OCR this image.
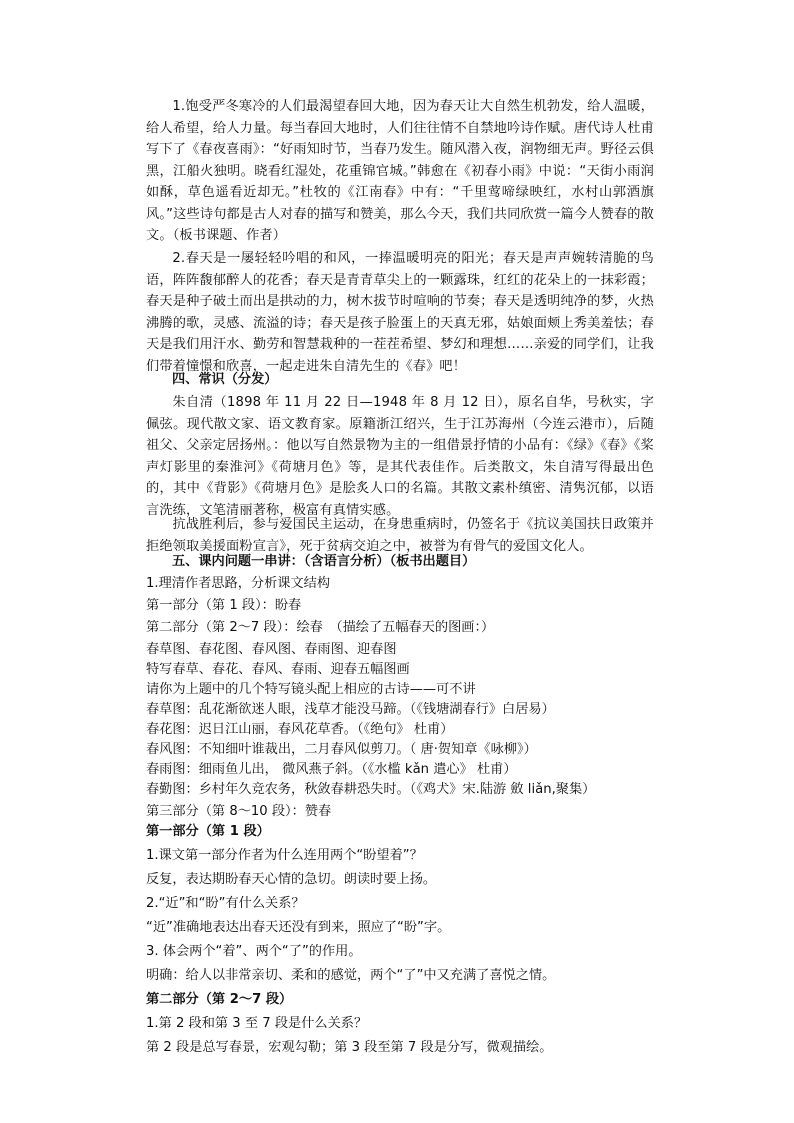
1.饱受严冬寒冷的人们最渴望春回大地，因为春天让大自然生机勃发，给人温暖，给人希望，给人力量。每当春回大地时，人们往往情不自禁地吟诗作赋。唐代诗人杜甫写下了《春夜喜雨》：“好雨知时节，当春乃发生。随风潜入夜，润物细无声。野径云俱黑，江船火独明。晓看红湿处，花重锦官城。”韩愈在《初春小雨》中说：“天街小雨润如酥，草色遥看近却无。”杜牧的《江南春》中有：“千里莺啼绿映红，水村山郭酒旗风。”这些诗句都是古人对春的描写和赞美，那么今天，我们共同欣赏一篇今人赞春的散文。（板书课题、作者）

2.春天是一屡轻轻吟唱的和风，一捧温暖明亮的阳光；春天是声声婉转清脆的鸟语，阵阵馥郁醉人的花香；春天是青青草尖上的一颗露珠，红红的花朵上的一抹彩霞；春天是种子破土而出是拱动的力，树木拔节时喧响的节奏；春天是透明纯净的梦，火热沸腾的歌，灵感、流溢的诗；春天是孩子脸蛋上的天真无邪，姑娘面颊上秀美羞怯；春天是我们用汗水、勤劳和智慧栽种的一茬茬希望、梦幻和理想……亲爱的同学们，让我们带着憧憬和欣喜，一起走进朱自清先生的《春》吧！

四、常识（分发）

朱自清（1898 年 11 月 22 日—1948 年 8 月 12 日），原名自华，号秋实，字佩弦。现代散文家、语文教育家。原籍浙江绍兴，生于江苏海州（今连云港市），后随祖父、父亲定居扬州。：他以写自然景物为主的一组借景抒情的小品有：《绿》《春》《桨声灯影里的秦淮河》《荷塘月色》等，是其代表佳作。后类散文，朱自清写得最出色的，其中《背影》《荷塘月色》是脍炙人口的名篇。其散文素朴缜密、清隽沉郁，以语言洗练，文笔清丽著称，极富有真情实感。

抗战胜利后，参与爱国民主运动，在身患重病时，仍签名于《抗议美国扶日政策并拒绝领取美援面粉宣言》，死于贫病交迫之中，被誉为有骨气的爱国文化人。

五、课内问题一串讲：（含语言分析）（板书出题目）

1.理清作者思路，分析课文结构

第一部分（第 1 段）：盼春

第二部分（第 2～7 段）：绘春　（描绘了五幅春天的图画：）

春草图、春花图、春风图、春雨图、迎春图

特写春草、春花、春风、春雨、迎春五幅图画

请你为上题中的几个特写镜头配上相应的古诗——可不讲

春草图：乱花渐欲迷人眼，浅草才能没马蹄。（《钱塘湖春行》白居易）

春花图：迟日江山丽，春风花草香。（《绝句》 杜甫）

春风图：不知细叶谁裁出，二月春风似剪刀。（ 唐·贺知章《咏柳》）

春雨图：细雨鱼儿出， 微风燕子斜。（《水槛 kǎn 遣心》 杜甫）

春勤图：乡村年久竞农务，秋敛春耕恐失时。（《鸡犬》宋.陆游 斂 liǎn,聚集）

第三部分（第 8～10 段）：赞春

第一部分（第 1 段）

1.课文第一部分作者为什么连用两个“盼望着”？

反复，表达期盼春天心情的急切。朗读时要上扬。

2.“近”和“盼”有什么关系？

“近”准确地表达出春天还没有到来，照应了“盼”字。

3. 体会两个“着”、两个“了”的作用。

明确：给人以非常亲切、柔和的感觉，两个“了”中又充满了喜悦之情。

第二部分（第 2～7 段）

1.第 2 段和第 3 至 7 段是什么关系？

第 2 段是总写春景，宏观勾勒；第 3 段至第 7 段是分写，微观描绘。
